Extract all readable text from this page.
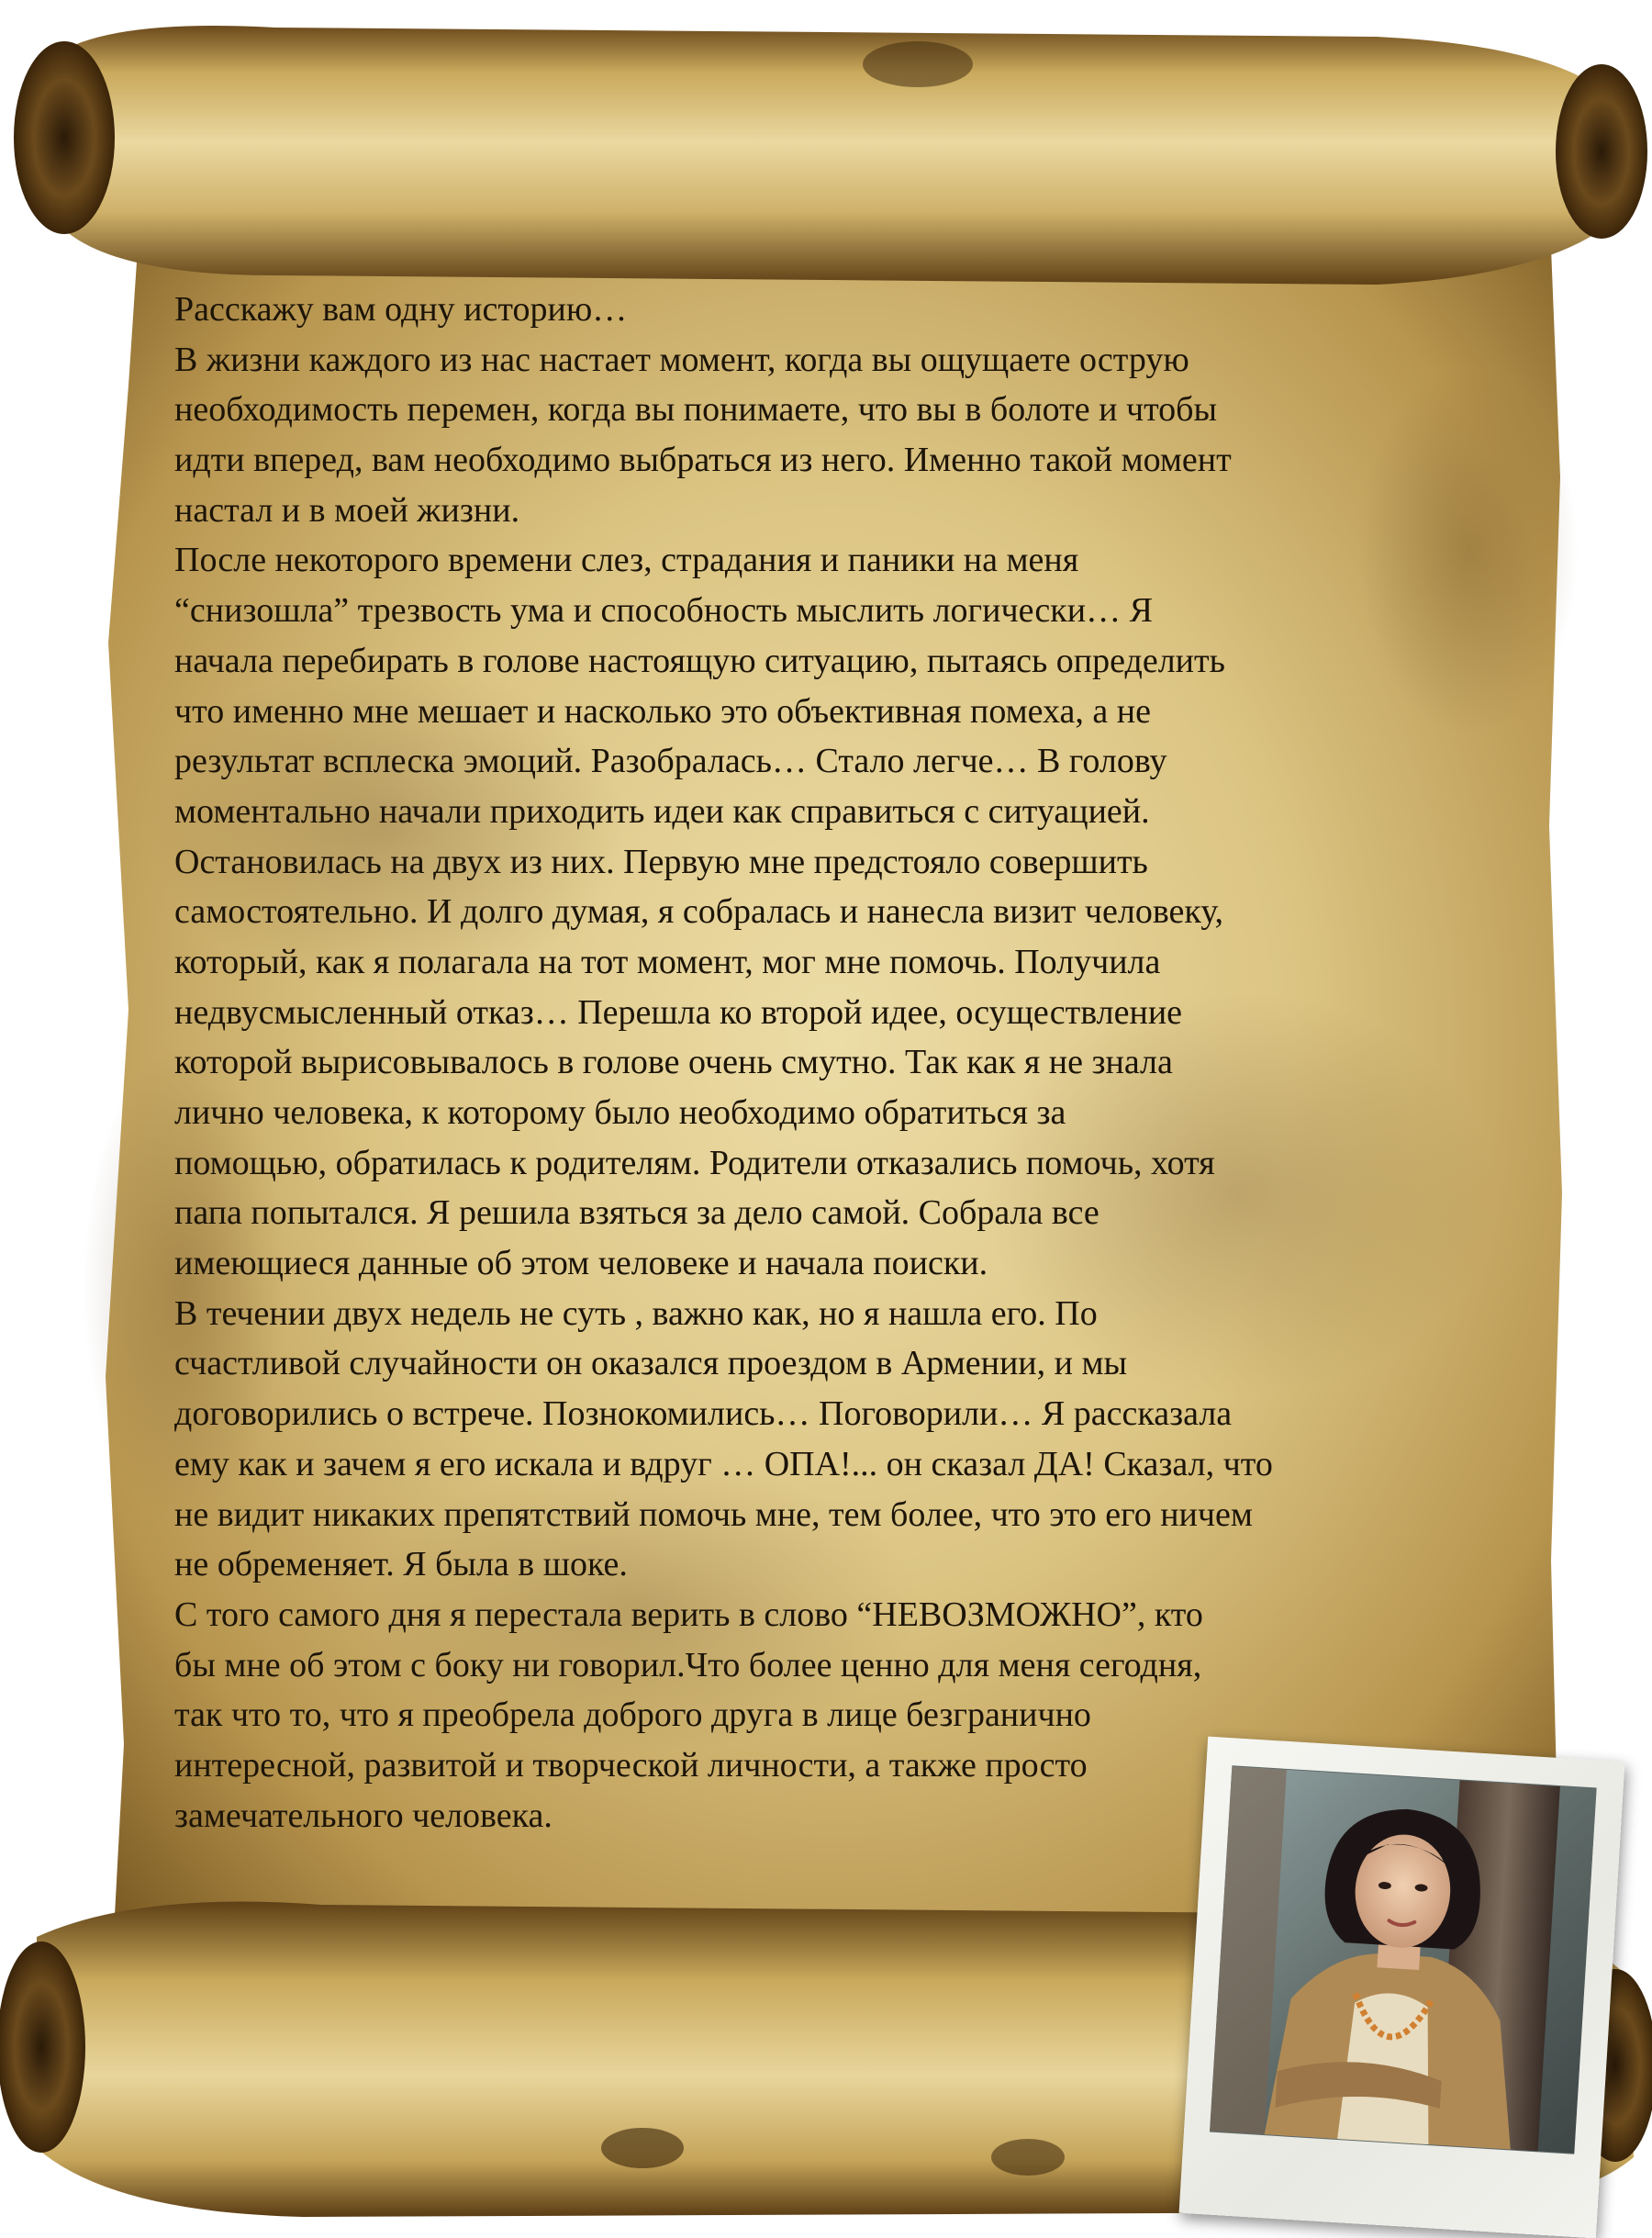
Расскажу вам одну историю…
В жизни каждого из нас настает момент, когда вы ощущаете острую
необходимость перемен, когда вы понимаете, что вы в болоте и чтобы
идти вперед, вам необходимо выбраться из него. Именно такой момент
настал и в моей жизни.
После некоторого времени слез, страдания и паники на меня
“снизошла” трезвость ума и способность мыслить логически… Я
начала перебирать в голове настоящую ситуацию, пытаясь определить
что именно мне мешает и насколько это объективная помеха, а не
результат всплеска эмоций. Разобралась… Стало легче… В голову
моментально начали приходить идеи как справиться с ситуацией.
Остановилась на двух из них. Первую мне предстояло совершить
самостоятельно. И долго думая, я собралась и нанесла визит человеку,
который, как я полагала на тот момент, мог мне помочь. Получила
недвусмысленный отказ… Перешла ко второй идее, осуществление
которой вырисовывалось в голове очень смутно. Так как я не знала
лично человека, к которому было необходимо обратиться за
помощью, обратилась к родителям. Родители отказались помочь, хотя
папа попытался. Я решила взяться за дело самой. Собрала все
имеющиеся данные об этом человеке и начала поиски.
В течении двух недель не суть , важно как, но я нашла его. По
счастливой случайности он оказался проездом в Армении, и мы
договорились о встрече. Познокомились… Поговорили… Я рассказала
ему как и зачем я его искала и вдруг … ОПА!... он сказал ДА! Сказал, что
не видит никаких препятствий помочь мне, тем более, что это его ничем
не обременяет. Я была в шоке.
С того самого дня я перестала верить в слово “НЕВОЗМОЖНО”, кто
бы мне об этом с боку ни говорил.Что более ценно для меня сегодня,
так что то, что я преобрела доброго друга в лице безгранично
интересной, развитой и творческой личности, а также просто
замечательного человека.
